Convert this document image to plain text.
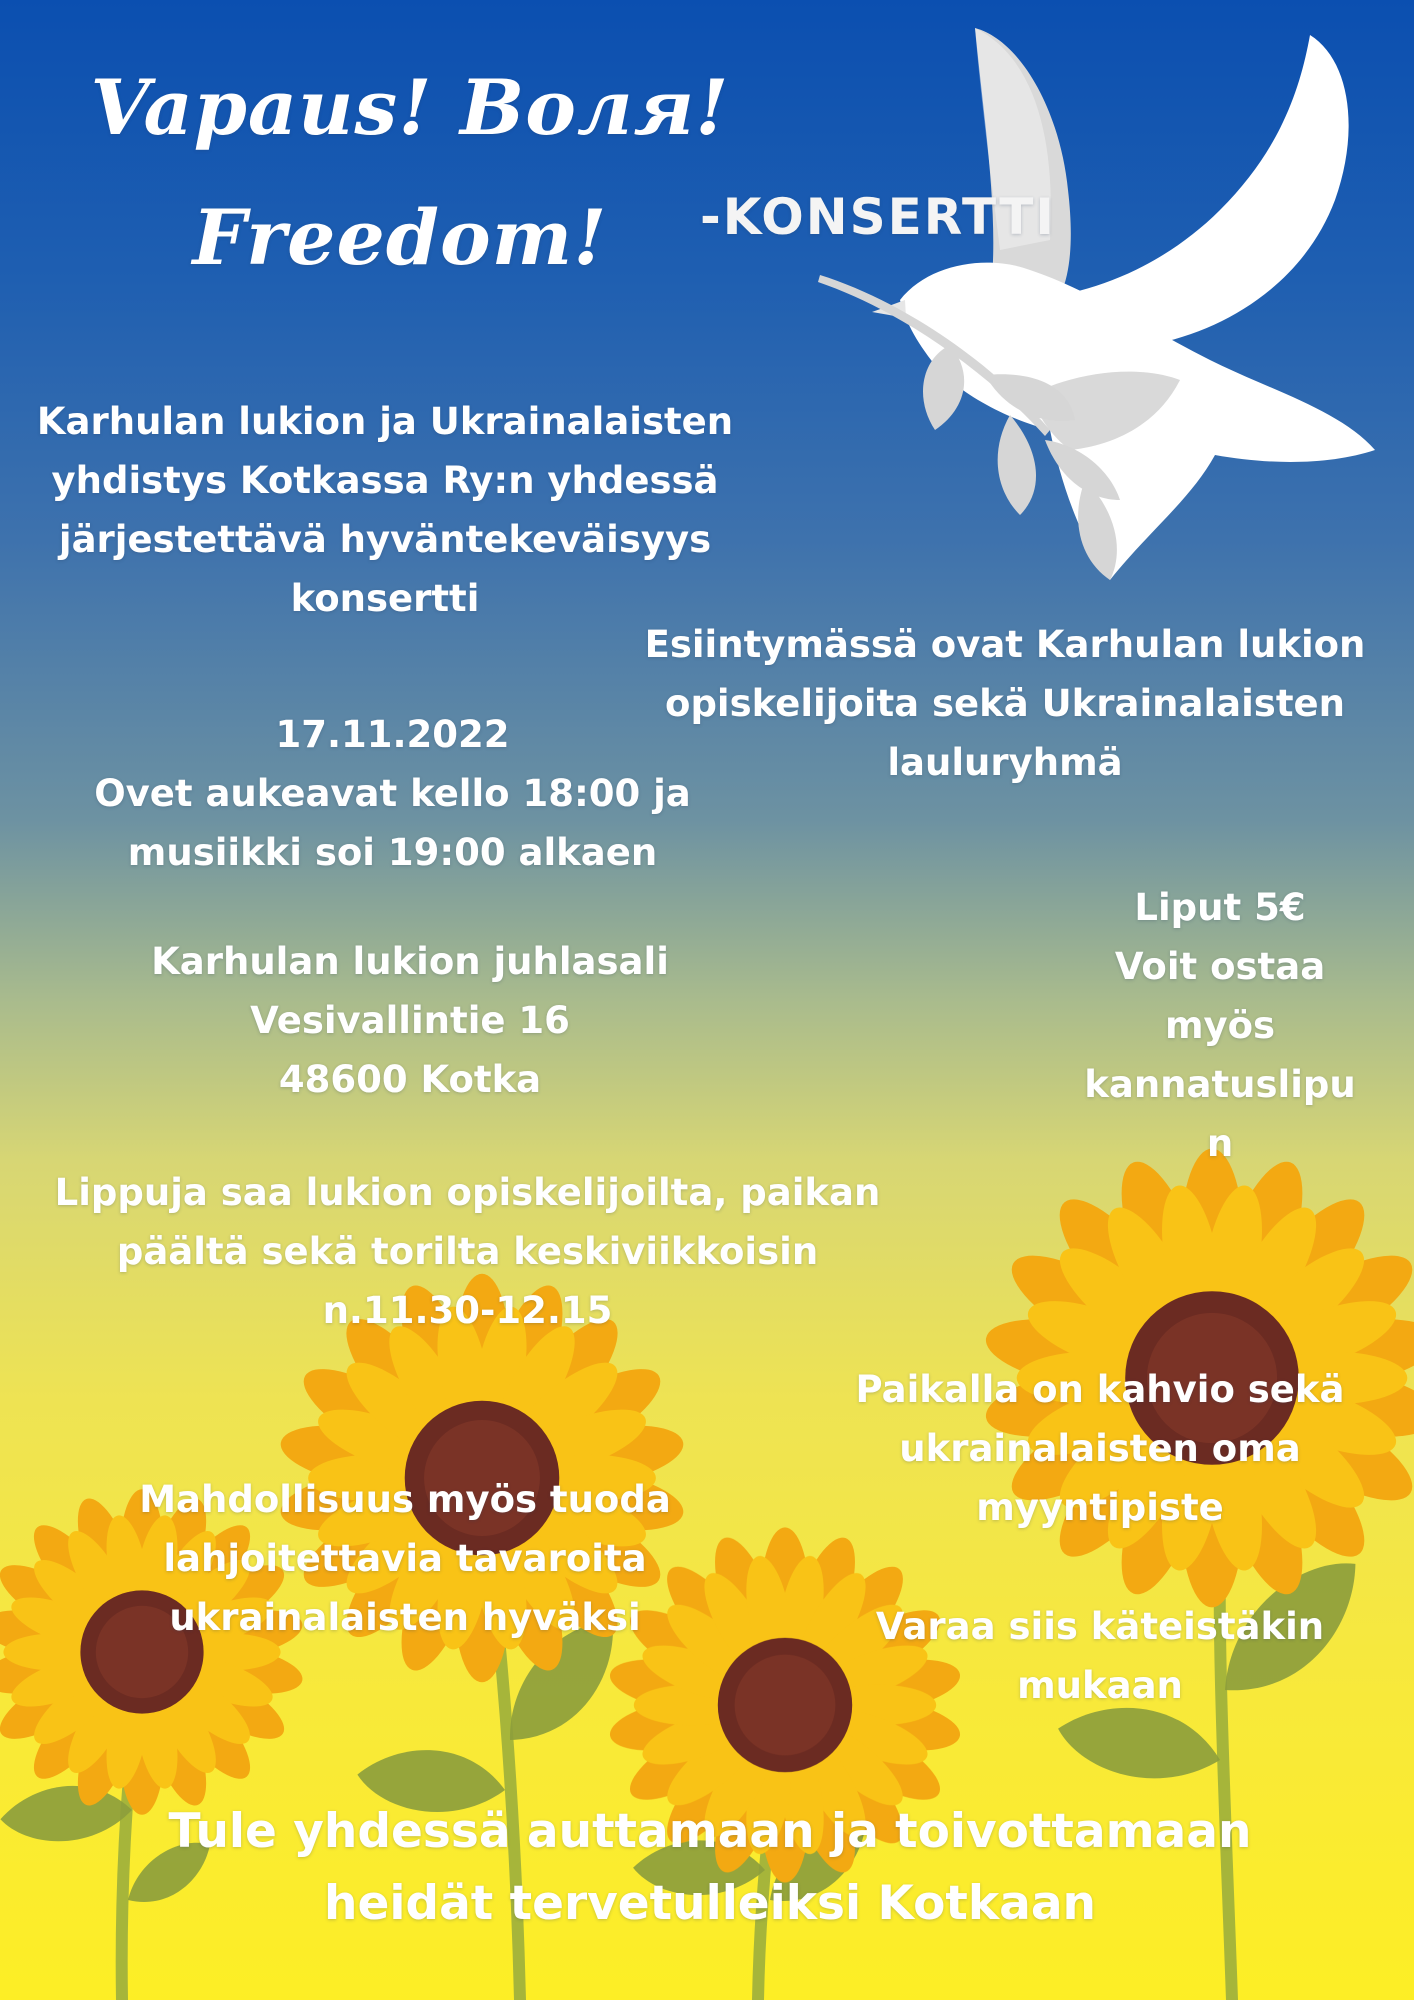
Vapaus! Воля!
Freedom!	-KONSERTTI
Karhulan lukion ja Ukrainalaisten
yhdistys Kotkassa Ry:n yhdessä
järjestettävä hyväntekeväisyys
konsertti
Esiintymässä ovat Karhulan lukion
opiskelijoita sekä Ukrainalaisten
lauluryhmä
17.11.2022
Ovet aukeavat kello 18:00 ja
musiikki soi 19:00 alkaen
Liput 5€
Voit ostaa
myös
kannatuslipu
n
Karhulan lukion juhlasali
Vesivallintie 16
48600 Kotka
Lippuja saa lukion opiskelijoilta, paikan
päältä sekä torilta keskiviikkoisin
n.11.30-12.15
Paikalla on kahvio sekä
ukrainalaisten oma
myyntipiste
Mahdollisuus myös tuoda
lahjoitettavia tavaroita
ukrainalaisten hyväksi	Varaa siis käteistäkin
mukaan
Tule yhdessä auttamaan ja toivottamaan
heidät tervetulleiksi Kotkaan
